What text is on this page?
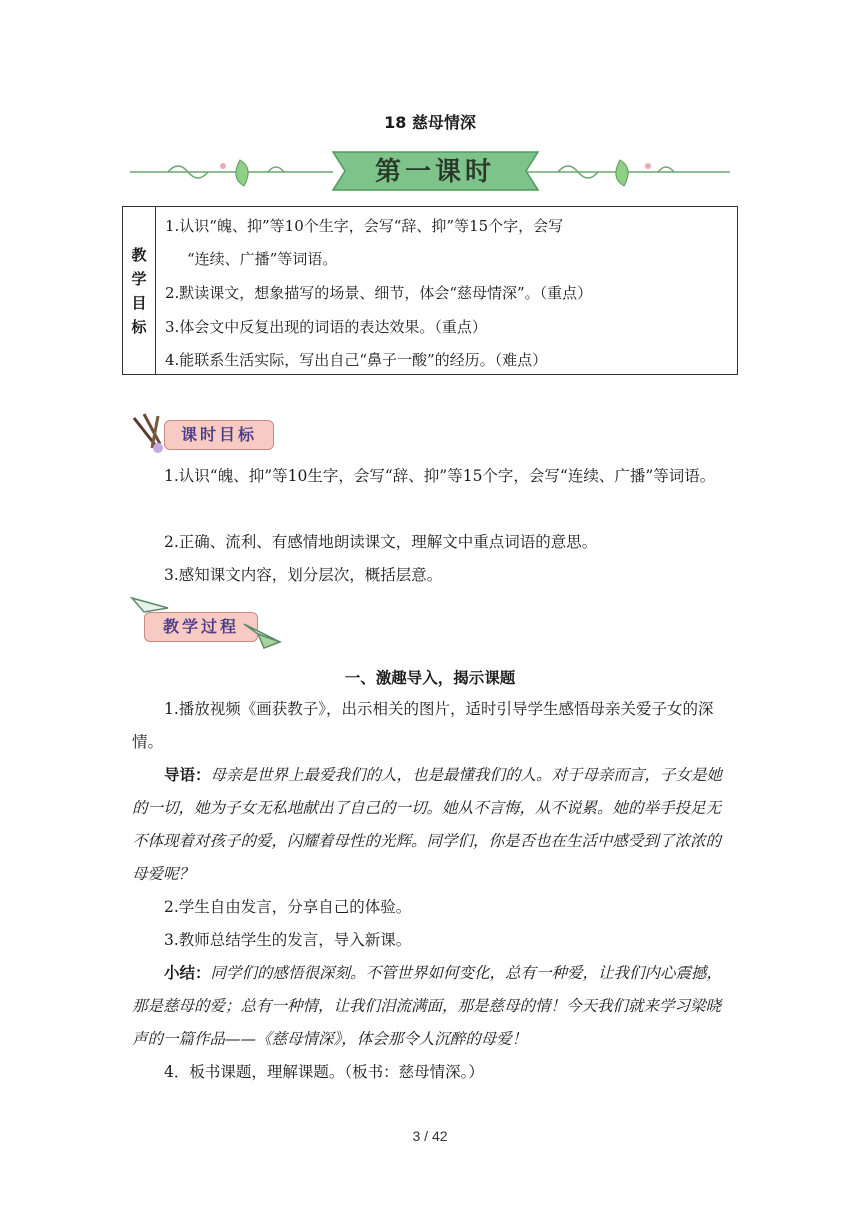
18 慈母情深
第一课时
教
学
目
标
1.认识“魄、抑”等10个生字，会写“辞、抑”等15个字，会写
“连续、广播”等词语。
2.默读课文，想象描写的场景、细节，体会“慈母情深”。（重点）
3.体会文中反复出现的词语的表达效果。（重点）
4.能联系生活实际，写出自己“鼻子一酸”的经历。（难点）
课时目标
1.认识“魄、抑”等10生字，会写“辞、抑”等15个字，会写“连续、广播”等词语。
2.正确、流利、有感情地朗读课文，理解文中重点词语的意思。
3.感知课文内容，划分层次，概括层意。
教学过程
一、激趣导入，揭示课题
1.播放视频《画获教子》，出示相关的图片，适时引导学生感悟母亲关爱子女的深情。
导语：母亲是世界上最爱我们的人，也是最懂我们的人。对于母亲而言，子女是她的一切，她为子女无私地献出了自己的一切。她从不言悔，从不说累。她的举手投足无不体现着对孩子的爱，闪耀着母性的光辉。同学们，你是否也在生活中感受到了浓浓的母爱呢？
2.学生自由发言，分享自己的体验。
3.教师总结学生的发言，导入新课。
小结：同学们的感悟很深刻。不管世界如何变化，总有一种爱，让我们内心震撼，那是慈母的爱；总有一种情，让我们泪流满面，那是慈母的情！今天我们就来学习梁晓声的一篇作品——《慈母情深》，体会那令人沉醉的母爱！
4．板书课题，理解课题。（板书：慈母情深。）
3 / 42
